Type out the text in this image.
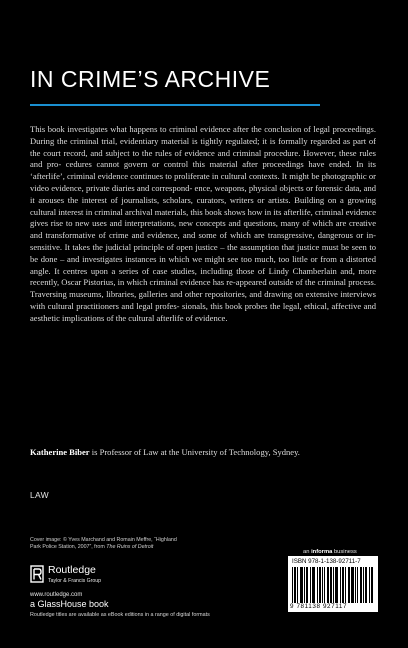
IN CRIME’S ARCHIVE

This book investigates what happens to criminal evidence after the conclusion of legal proceedings. During the criminal trial, evidentiary material is tightly regulated; it is formally regarded as part of the court record, and subject to the rules of evidence and criminal procedure. However, these rules and pro- cedures cannot govern or control this material after proceedings have ended. In its ‘afterlife’, criminal evidence continues to proliferate in cultural contexts. It might be photographic or video evidence, private diaries and correspond- ence, weapons, physical objects or forensic data, and it arouses the interest of journalists, scholars, curators, writers or artists. Building on a growing cultural interest in criminal archival materials, this book shows how in its afterlife, criminal evidence gives rise to new uses and interpretations, new concepts and questions, many of which are creative and transformative of crime and evidence, and some of which are transgressive, dangerous or in- sensitive. It takes the judicial principle of open justice – the assumption that justice must be seen to be done – and investigates instances in which we might see too much, too little or from a distorted angle. It centres upon a series of case studies, including those of Lindy Chamberlain and, more recently, Oscar Pistorius, in which criminal evidence has re-appeared outside of the criminal process. Traversing museums, libraries, galleries and other repositories, and drawing on extensive interviews with cultural practitioners and legal profes- sionals, this book probes the legal, ethical, affective and aesthetic implications of the cultural afterlife of evidence.

Katherine Biber is Professor of Law at the University of Technology, Sydney.

LAW

Cover image: © Yves Marchand and Romain Meffre, “Highland
Park Police Station, 2007”, from The Ruins of Detroit

Routledge
Taylor & Francis Group
www.routledge.com
a GlassHouse book
Routledge titles are available as eBook editions in a range of digital formats
an informa business
ISBN 978-1-138-92711-7
9 781138 927117
